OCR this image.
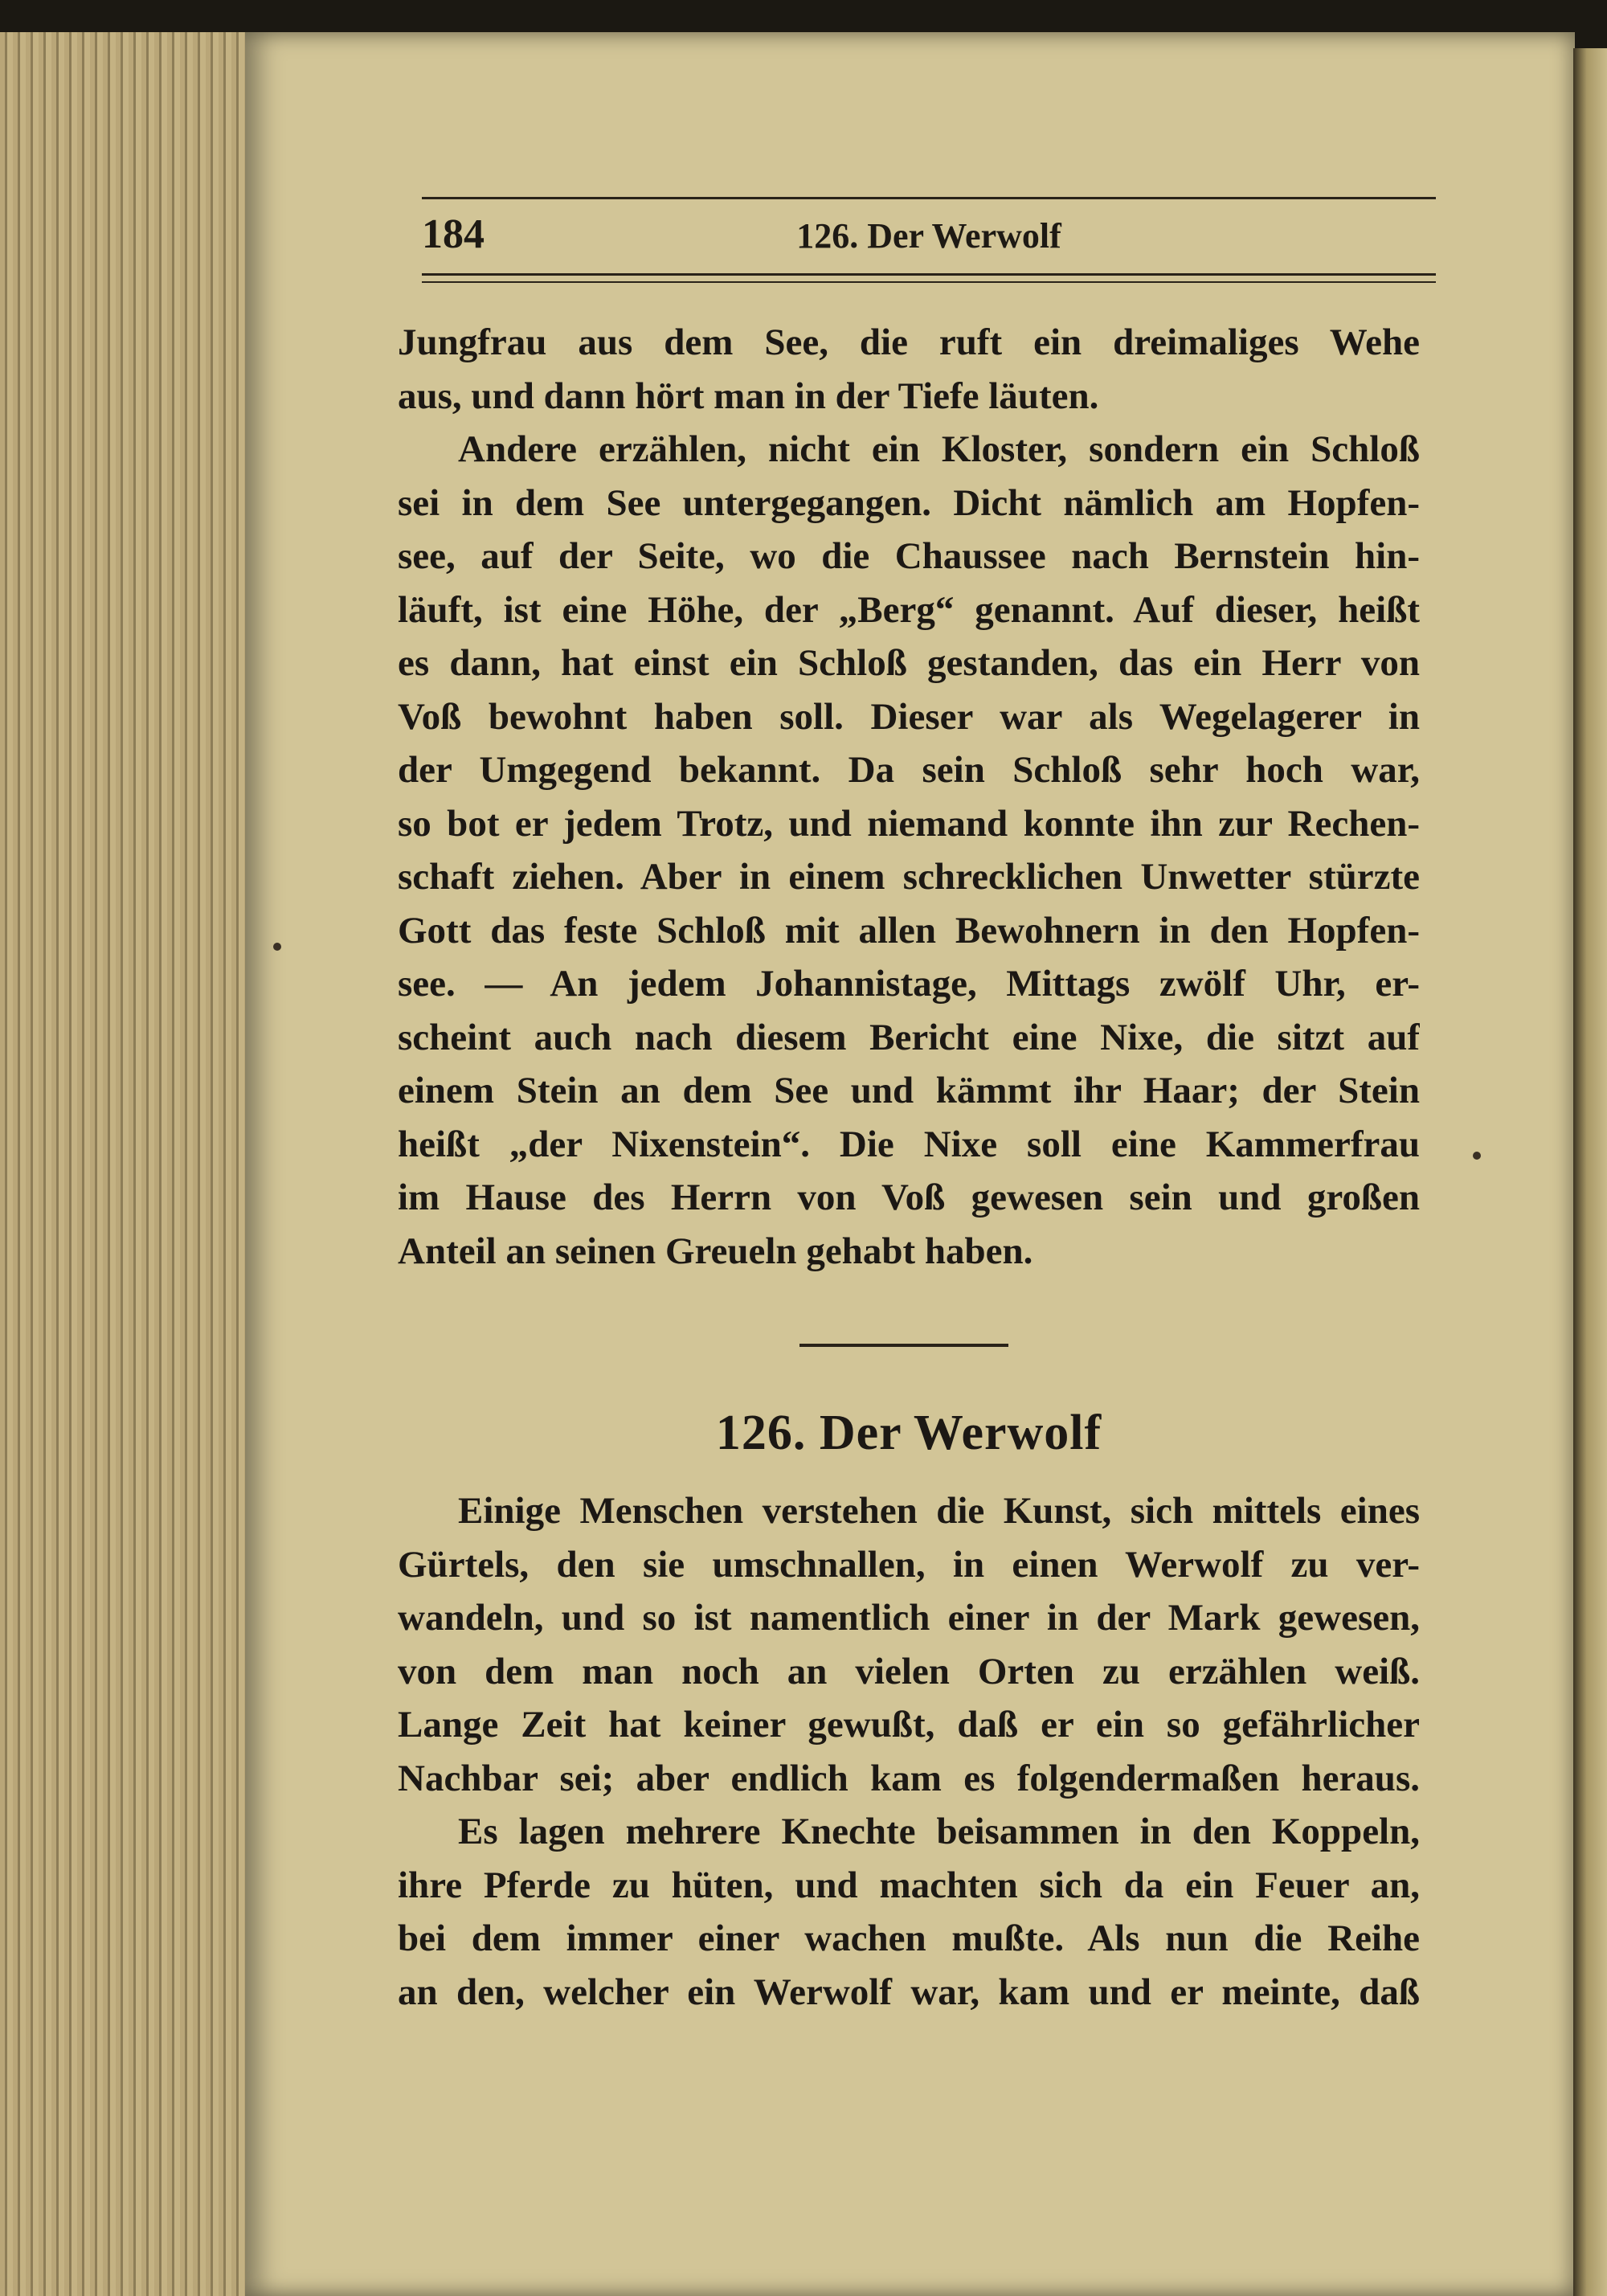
184	126. Der Werwolf
Jungfrau aus dem See, die ruft ein dreimaliges Wehe
aus, und dann hört man in der Tiefe läuten.
Andere erzählen, nicht ein Kloster, sondern ein Schloß
sei in dem See untergegangen. Dicht nämlich am Hopfen-
see, auf der Seite, wo die Chaussee nach Bernstein hin-
läuft, ist eine Höhe, der „Berg“ genannt. Auf dieser, heißt
es dann, hat einst ein Schloß gestanden, das ein Herr von
Voß bewohnt haben soll. Dieser war als Wegelagerer in
der Umgegend bekannt. Da sein Schloß sehr hoch war,
so bot er jedem Trotz, und niemand konnte ihn zur Rechen-
schaft ziehen. Aber in einem schrecklichen Unwetter stürzte
Gott das feste Schloß mit allen Bewohnern in den Hopfen-
see. — An jedem Johannistage, Mittags zwölf Uhr, er-
scheint auch nach diesem Bericht eine Nixe, die sitzt auf
einem Stein an dem See und kämmt ihr Haar; der Stein
heißt „der Nixenstein“. Die Nixe soll eine Kammerfrau
im Hause des Herrn von Voß gewesen sein und großen
Anteil an seinen Greueln gehabt haben.
126. Der Werwolf
Einige Menschen verstehen die Kunst, sich mittels eines
Gürtels, den sie umschnallen, in einen Werwolf zu ver-
wandeln, und so ist namentlich einer in der Mark gewesen,
von dem man noch an vielen Orten zu erzählen weiß.
Lange Zeit hat keiner gewußt, daß er ein so gefährlicher
Nachbar sei; aber endlich kam es folgendermaßen heraus.
Es lagen mehrere Knechte beisammen in den Koppeln,
ihre Pferde zu hüten, und machten sich da ein Feuer an,
bei dem immer einer wachen mußte. Als nun die Reihe
an den, welcher ein Werwolf war, kam und er meinte, daß
